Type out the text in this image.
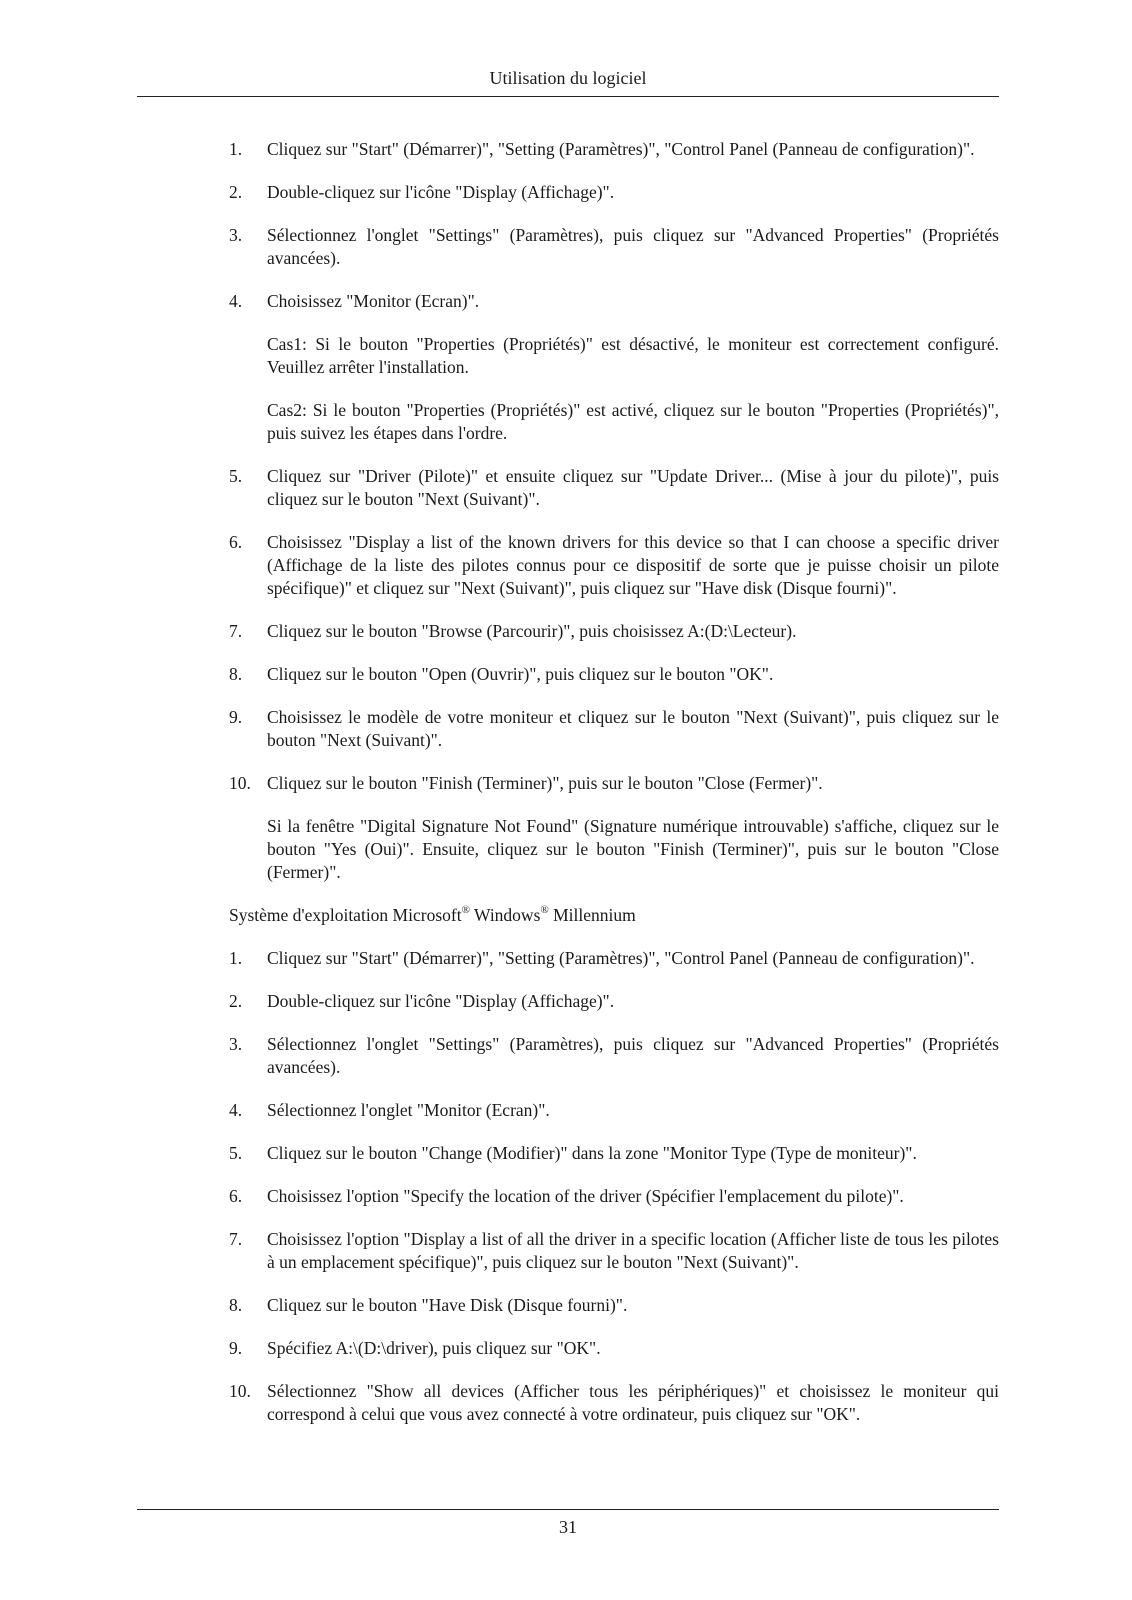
Utilisation du logiciel
1. Cliquez sur "Start" (Démarrer)", "Setting (Paramètres)", "Control Panel (Panneau de configuration)".
2. Double-cliquez sur l'icône "Display (Affichage)".
3. Sélectionnez l'onglet "Settings" (Paramètres), puis cliquez sur "Advanced Properties" (Propriétés avancées).
4. Choisissez "Monitor (Ecran)".
Cas1: Si le bouton "Properties (Propriétés)" est désactivé, le moniteur est correctement configuré. Veuillez arrêter l'installation.
Cas2: Si le bouton "Properties (Propriétés)" est activé, cliquez sur le bouton "Properties (Propriétés)", puis suivez les étapes dans l'ordre.
5. Cliquez sur "Driver (Pilote)" et ensuite cliquez sur "Update Driver... (Mise à jour du pilote)", puis cliquez sur le bouton "Next (Suivant)".
6. Choisissez "Display a list of the known drivers for this device so that I can choose a specific driver (Affichage de la liste des pilotes connus pour ce dispositif de sorte que je puisse choisir un pilote spécifique)" et cliquez sur "Next (Suivant)", puis cliquez sur "Have disk (Disque fourni)".
7. Cliquez sur le bouton "Browse (Parcourir)", puis choisissez A:(D:\Lecteur).
8. Cliquez sur le bouton "Open (Ouvrir)", puis cliquez sur le bouton "OK".
9. Choisissez le modèle de votre moniteur et cliquez sur le bouton "Next (Suivant)", puis cliquez sur le bouton "Next (Suivant)".
10. Cliquez sur le bouton "Finish (Terminer)", puis sur le bouton "Close (Fermer)".
Si la fenêtre "Digital Signature Not Found" (Signature numérique introuvable) s'affiche, cliquez sur le bouton "Yes (Oui)". Ensuite, cliquez sur le bouton "Finish (Terminer)", puis sur le bouton "Close (Fermer)".
Système d'exploitation Microsoft® Windows® Millennium
1. Cliquez sur "Start" (Démarrer)", "Setting (Paramètres)", "Control Panel (Panneau de configuration)".
2. Double-cliquez sur l'icône "Display (Affichage)".
3. Sélectionnez l'onglet "Settings" (Paramètres), puis cliquez sur "Advanced Properties" (Propriétés avancées).
4. Sélectionnez l'onglet "Monitor (Ecran)".
5. Cliquez sur le bouton "Change (Modifier)" dans la zone "Monitor Type (Type de moniteur)".
6. Choisissez l'option "Specify the location of the driver (Spécifier l'emplacement du pilote)".
7. Choisissez l'option "Display a list of all the driver in a specific location (Afficher liste de tous les pilotes à un emplacement spécifique)", puis cliquez sur le bouton "Next (Suivant)".
8. Cliquez sur le bouton "Have Disk (Disque fourni)".
9. Spécifiez A:\(D:\driver), puis cliquez sur "OK".
10. Sélectionnez "Show all devices (Afficher tous les périphériques)" et choisissez le moniteur qui correspond à celui que vous avez connecté à votre ordinateur, puis cliquez sur "OK".
31
